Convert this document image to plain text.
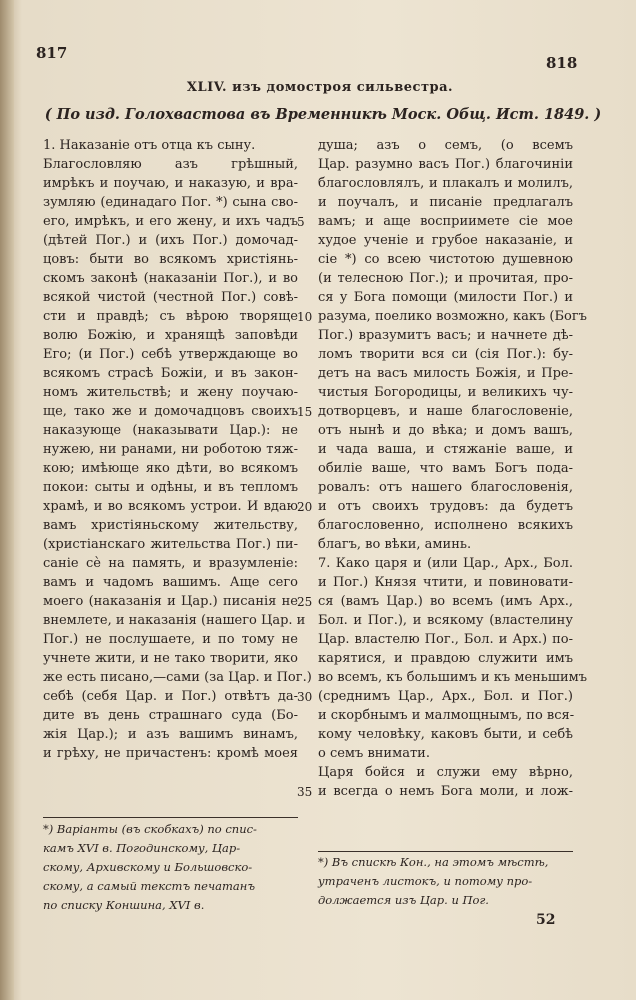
817
818
XLIV. изъ домостроя сильвестра.
( По изд. Голохвастова въ Временникѣ Моск. Общ. Ист. 1849. )
1. Наказаніе отъ отца къ сыну.
Благословляю азъ грѣшный,
имрѣкъ и поучаю, и наказую, и вра-
зумляю (единадаго Пог. *) сына сво-
его, имрѣкъ, и его жену, и ихъ чадъ
(дѣтей Пог.) и (ихъ Пог.) домочад-
цовъ: быти во всякомъ христіянь-
скомъ законѣ (наказаніи Пог.), и во
всякой чистой (честной Пог.) совѣ-
сти и правдѣ; съ вѣрою творяще
волю Божію, и хранящѣ заповѣди
Его; (и Пог.) себѣ утверждающе во
всякомъ страсѣ Божіи, и въ закон-
номъ жительствѣ; и жену поучаю-
ще, тако же и домочадцовъ своихъ
наказующе (наказывати Цар.): не
нужею, ни ранами, ни роботою тяж-
кою; имѣюще яко дѣти, во всякомъ
покои: сыты и одѣны, и въ тепломъ
храмѣ, и во всякомъ устрои. И вдаю
вамъ христіяньскому жительству,
(христіанскаго жительства Пог.) пи-
саніе сѐ на память, и вразумленіе:
вамъ и чадомъ вашимъ. Аще сего
моего (наказанія и Цар.) писанія не
внемлете, и наказанія (нашего Цар. и
Пог.) не послушаете, и по тому не
учнете жити, и не тако творити, яко
же есть писано,—сами (за Цар. и Пог.)
себѣ (себя Цар. и Пог.) отвѣтъ да-
дите въ день страшнаго суда (Бо-
жія Цар.); и азъ вашимъ винамъ,
и грѣху, не причастенъ: кромѣ моея
душа; азъ о семъ, (о всемъ
Цар. разумно васъ Пог.) благочиніи
благословлялъ, и плакалъ и молилъ,
и поучалъ, и писаніе предлагалъ
вамъ; и аще восприимете сіе мое
худое ученіе и грубое наказаніе, и
сіе *) со всею чистотою душевною
(и телесною Пог.); и прочитая, про-
ся у Бога помощи (милости Пог.) и
разума, поелико возможно, какъ (Богъ
Пог.) вразумитъ васъ; и начнете дѣ-
ломъ творити вся си (сія Пог.): бу-
детъ на васъ милость Божія, и Пре-
чистыя Богородицы, и великихъ чу-
дотворцевъ, и наше благословеніе,
отъ нынѣ и до вѣка; и домъ вашъ,
и чада ваша, и стяжаніе ваше, и
обиліе ваше, что вамъ Богъ пода-
ровалъ: отъ нашего благословенія,
и отъ своихъ трудовъ: да будетъ
благословенно, исполнено всякихъ
благъ, во вѣки, аминь.
7. Како царя и (или Цар., Арх., Бол.
и Пог.) Князя чтити, и повиновати-
ся (вамъ Цар.) во всемъ (имъ Арх.,
Бол. и Пог.), и всякому (властелину
Цар. властелю Пог., Бол. и Арх.) по-
карятися, и правдою служити имъ
во всемъ, къ большимъ и къ меньшимъ
(среднимъ Цар., Арх., Бол. и Пог.)
и скорбнымъ и малмощнымъ, по вся-
кому человѣку, каковъ быти, и себѣ
о семъ внимати.
Царя бойся и служи ему вѣрно,
и всегда о немъ Бога моли, и лож-
5
10
15
20
25
30
35
*) Варіанты (въ скобкахъ) по спис-
камъ XVI в. Погодинскому, Цар-
скому, Архивскому и Большовско-
скому, а самый текстъ печатанъ
по списку Коншина, XVI в.
*) Въ спискѣ Кон., на этомъ мѣстѣ,
утраченъ листокъ, и потому про-
должается изъ Цар. и Пог.
52
